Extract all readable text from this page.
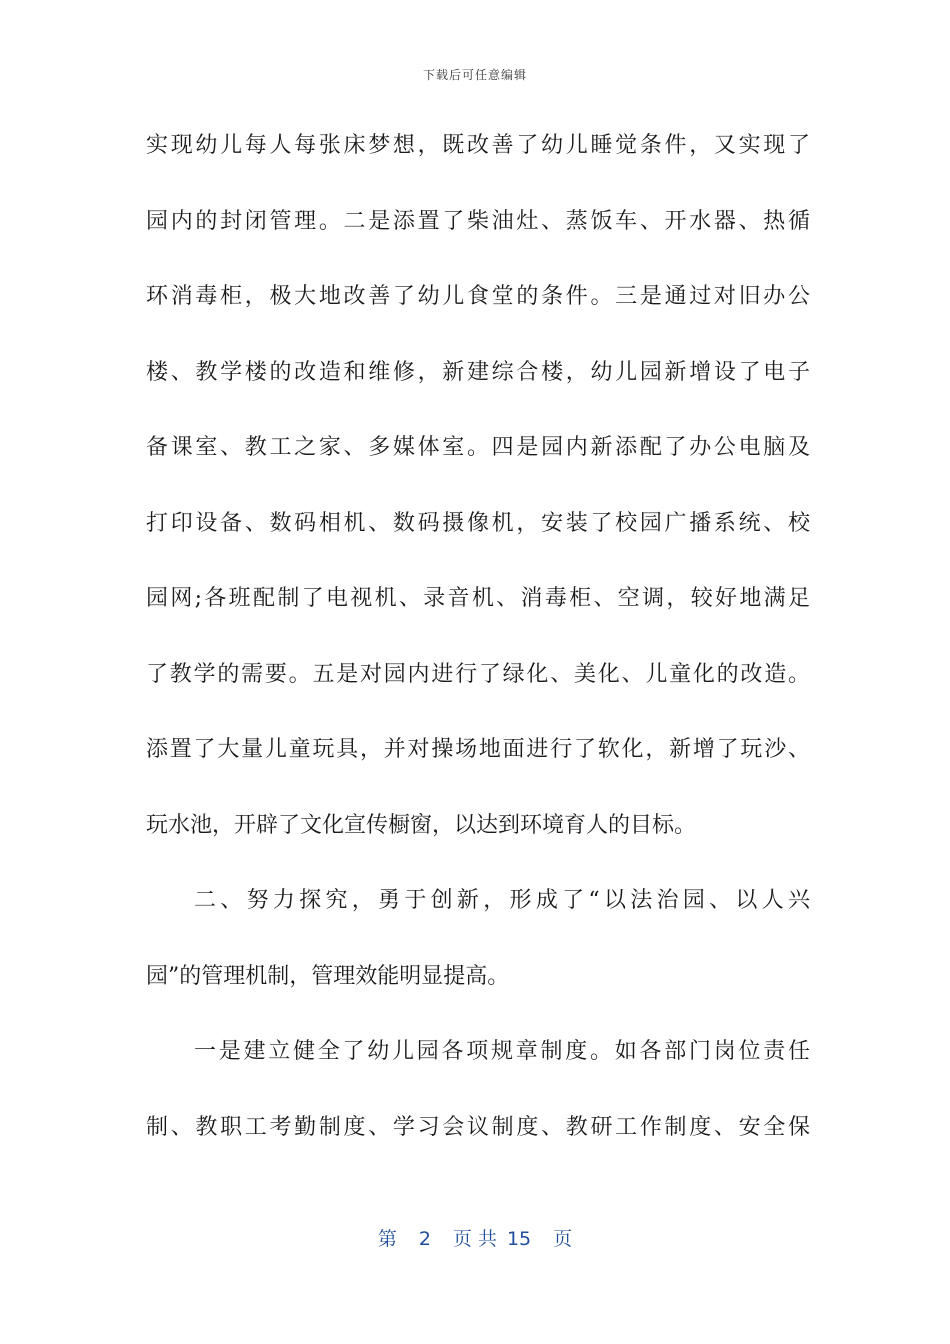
下载后可任意编辑
实现幼儿每人每张床梦想，既改善了幼儿睡觉条件，又实现了
园内的封闭管理。二是添置了柴油灶、蒸饭车、开水器、热循
环消毒柜，极大地改善了幼儿食堂的条件。三是通过对旧办公
楼、教学楼的改造和维修，新建综合楼，幼儿园新增设了电子
备课室、教工之家、多媒体室。四是园内新添配了办公电脑及
打印设备、数码相机、数码摄像机，安装了校园广播系统、校
园网;各班配制了电视机、录音机、消毒柜、空调，较好地满足
了教学的需要。五是对园内进行了绿化、美化、儿童化的改造。
添置了大量儿童玩具，并对操场地面进行了软化，新增了玩沙、
玩水池，开辟了文化宣传橱窗，以达到环境育人的目标。
二、努力探究，勇于创新，形成了“以法治园、以人兴
园”的管理机制，管理效能明显提高。
一是建立健全了幼儿园各项规章制度。如各部门岗位责任
制、教职工考勤制度、学习会议制度、教研工作制度、安全保
第 2 页 共 15 页
